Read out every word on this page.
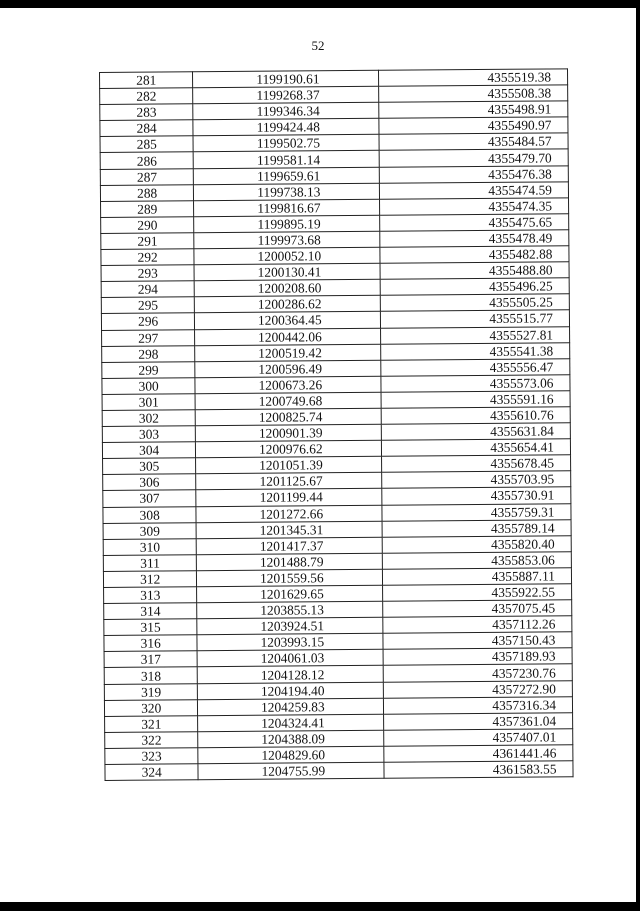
52
281	1199190.61	4355519.38
282	1199268.37	4355508.38
283	1199346.34	4355498.91
284	1199424.48	4355490.97
285	1199502.75	4355484.57
286	1199581.14	4355479.70
287	1199659.61	4355476.38
288	1199738.13	4355474.59
289	1199816.67	4355474.35
290	1199895.19	4355475.65
291	1199973.68	4355478.49
292	1200052.10	4355482.88
293	1200130.41	4355488.80
294	1200208.60	4355496.25
295	1200286.62	4355505.25
296	1200364.45	4355515.77
297	1200442.06	4355527.81
298	1200519.42	4355541.38
299	1200596.49	4355556.47
300	1200673.26	4355573.06
301	1200749.68	4355591.16
302	1200825.74	4355610.76
303	1200901.39	4355631.84
304	1200976.62	4355654.41
305	1201051.39	4355678.45
306	1201125.67	4355703.95
307	1201199.44	4355730.91
308	1201272.66	4355759.31
309	1201345.31	4355789.14
310	1201417.37	4355820.40
311	1201488.79	4355853.06
312	1201559.56	4355887.11
313	1201629.65	4355922.55
314	1203855.13	4357075.45
315	1203924.51	4357112.26
316	1203993.15	4357150.43
317	1204061.03	4357189.93
318	1204128.12	4357230.76
319	1204194.40	4357272.90
320	1204259.83	4357316.34
321	1204324.41	4357361.04
322	1204388.09	4357407.01
323	1204829.60	4361441.46
324	1204755.99	4361583.55
